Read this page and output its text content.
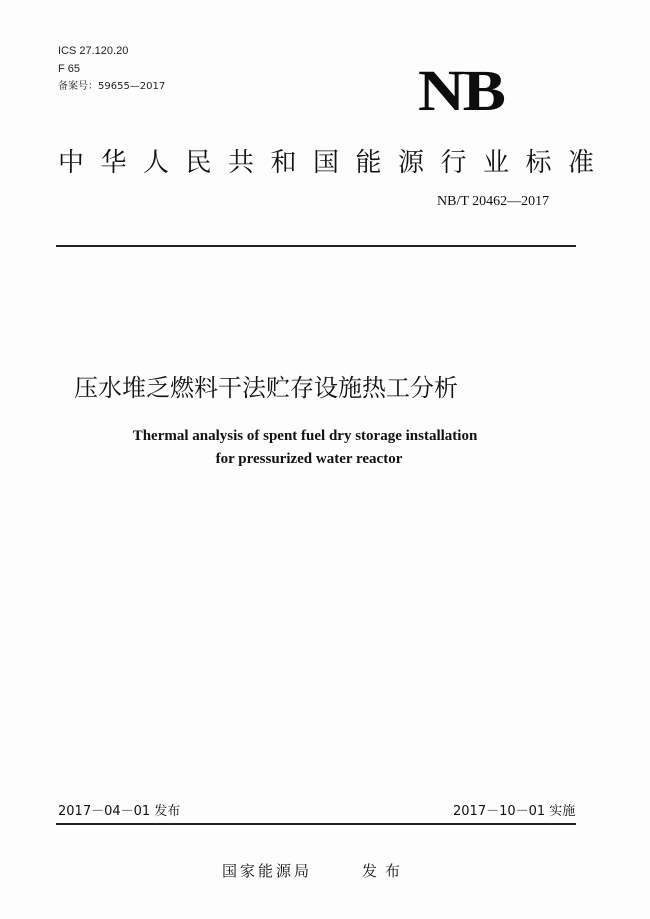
ICS 27.120.20
F 65
备案号：59655—2017	NB
中华人民共和国能源行业标准
NB/T 20462—2017
压水堆乏燃料干法贮存设施热工分析
Thermal analysis of spent fuel dry storage installation
for pressurized water reactor
2017－04－01 发布	2017－10－01 实施
国家能源局	发布
